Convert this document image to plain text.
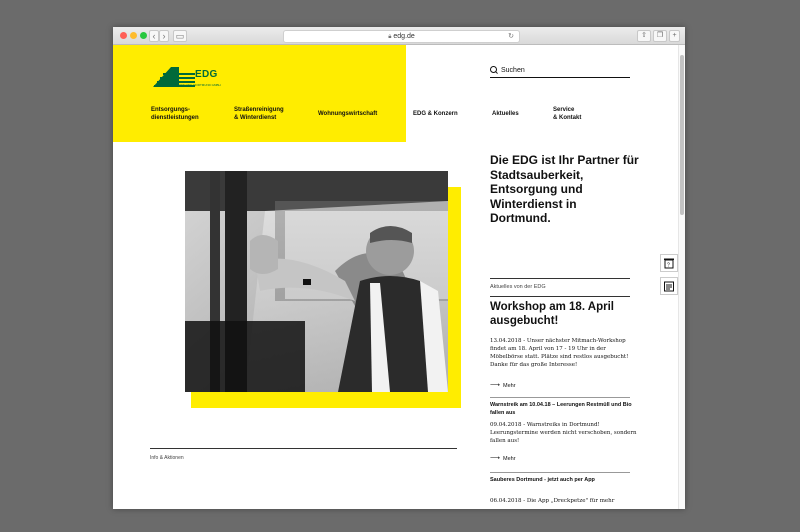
‹ ›	▭	🔒︎ edg.de	↻	⇧	❐	+
EDG
ENTSORGUNG DORTMUND GMBH
Entsorgungs-
dienstleistungen
Straßenreinigung
& Winterdienst
Wohnungswirtschaft	EDG & Konzern	Aktuelles
Service
& Kontakt
Suchen
Die EDG ist Ihr Partner für Stadtsauberkeit, Entsorgung und Winterdienst in Dortmund.
Info & Aktionen
Aktuelles von der EDG
Workshop am 18. April ausgebucht!
13.04.2018 - Unser nächster Mitmach-Workshop findet am 18. April von 17 - 19 Uhr in der Möbelbörse statt. Plätze sind restlos ausgebucht! Danke für das große Interesse!
⟶ Mehr
Warnstreik am 10.04.18 – Leerungen Restmüll und Bio fallen aus
09.04.2018 - Warnstreiks in Dortmund! Leerungstermine werden nicht verschoben, sondern fallen aus!
⟶ Mehr
Sauberes Dortmund - jetzt auch per App
06.04.2018 - Die App „Dreckpetze" für mehr
?
